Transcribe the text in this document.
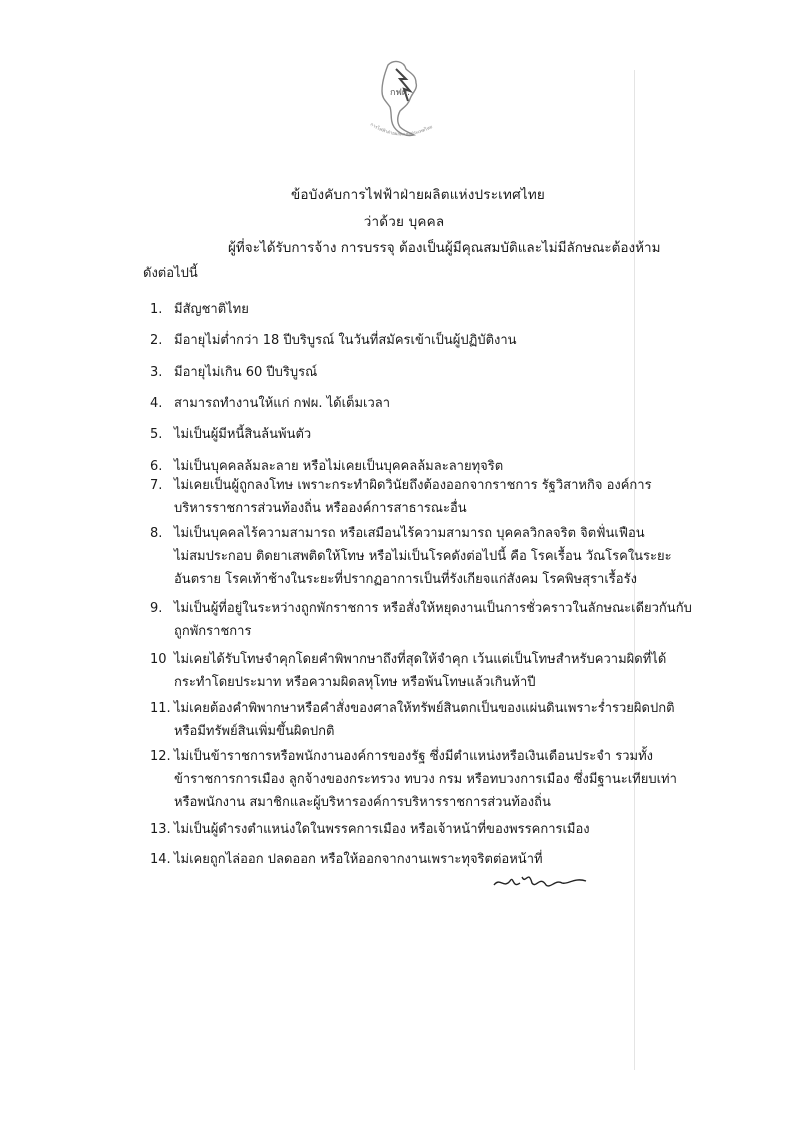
กฟผ.
การไฟฟ้าฝ่ายผลิตแห่งประเทศไทย
ข้อบังคับการไฟฟ้าฝ่ายผลิตแห่งประเทศไทย
ว่าด้วย บุคคล
ผู้ที่จะได้รับการจ้าง การบรรจุ ต้องเป็นผู้มีคุณสมบัติและไม่มีลักษณะต้องห้าม
ดังต่อไปนี้
1. มีสัญชาติไทย
2. มีอายุไม่ต่ำกว่า 18 ปีบริบูรณ์ ในวันที่สมัครเข้าเป็นผู้ปฏิบัติงาน
3. มีอายุไม่เกิน 60 ปีบริบูรณ์
4. สามารถทำงานให้แก่ กฟผ. ได้เต็มเวลา
5. ไม่เป็นผู้มีหนี้สินล้นพ้นตัว
6. ไม่เป็นบุคคลล้มละลาย หรือไม่เคยเป็นบุคคลล้มละลายทุจริต
7. ไม่เคยเป็นผู้ถูกลงโทษ เพราะกระทำผิดวินัยถึงต้องออกจากราชการ รัฐวิสาหกิจ องค์การ
บริหารราชการส่วนท้องถิ่น หรือองค์การสาธารณะอื่น
8. ไม่เป็นบุคคลไร้ความสามารถ หรือเสมือนไร้ความสามารถ บุคคลวิกลจริต จิตฟั่นเฟือน
ไม่สมประกอบ ติดยาเสพติดให้โทษ หรือไม่เป็นโรคดังต่อไปนี้ คือ โรคเรื้อน วัณโรคในระยะ
อันตราย โรคเท้าช้างในระยะที่ปรากฏอาการเป็นที่รังเกียจแก่สังคม โรคพิษสุราเรื้อรัง
9. ไม่เป็นผู้ที่อยู่ในระหว่างถูกพักราชการ หรือสั่งให้หยุดงานเป็นการชั่วคราวในลักษณะเดียวกันกับ
ถูกพักราชการ
10 ไม่เคยได้รับโทษจำคุกโดยคำพิพากษาถึงที่สุดให้จำคุก เว้นแต่เป็นโทษสำหรับความผิดที่ได้
กระทำโดยประมาท หรือความผิดลหุโทษ หรือพ้นโทษแล้วเกินห้าปี
11. ไม่เคยต้องคำพิพากษาหรือคำสั่งของศาลให้ทรัพย์สินตกเป็นของแผ่นดินเพราะร่ำรวยผิดปกติ
หรือมีทรัพย์สินเพิ่มขึ้นผิดปกติ
12. ไม่เป็นข้าราชการหรือพนักงานองค์การของรัฐ ซึ่งมีตำแหน่งหรือเงินเดือนประจำ รวมทั้ง
ข้าราชการการเมือง ลูกจ้างของกระทรวง ทบวง กรม หรือทบวงการเมือง ซึ่งมีฐานะเทียบเท่า
หรือพนักงาน สมาชิกและผู้บริหารองค์การบริหารราชการส่วนท้องถิ่น
13. ไม่เป็นผู้ดำรงตำแหน่งใดในพรรคการเมือง หรือเจ้าหน้าที่ของพรรคการเมือง
14. ไม่เคยถูกไล่ออก ปลดออก หรือให้ออกจากงานเพราะทุจริตต่อหน้าที่
